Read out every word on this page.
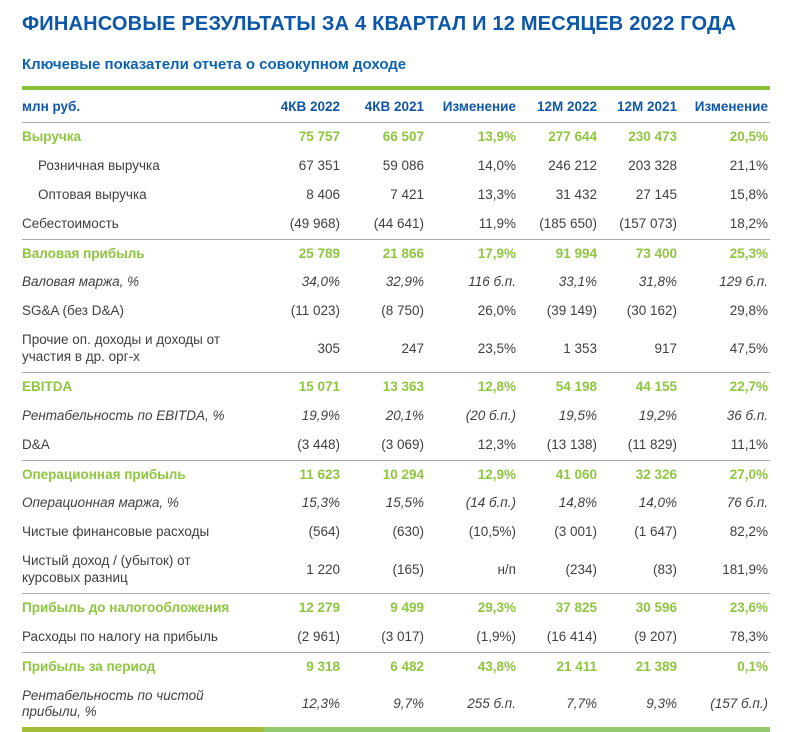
ФИНАНСОВЫЕ РЕЗУЛЬТАТЫ ЗА 4 КВАРТАЛ И 12 МЕСЯЦЕВ 2022 ГОДА
Ключевые показатели отчета о совокупном доходе
млн руб.	4КВ 2022	4КВ 2021	Изменение	12М 2022	12М 2021	Изменение
Выручка	75 757	66 507	13,9%	277 644	230 473	20,5%
Розничная выручка	67 351	59 086	14,0%	246 212	203 328	21,1%
Оптовая выручка	8 406	7 421	13,3%	31 432	27 145	15,8%
Себестоимость	(49 968)	(44 641)	11,9%	(185 650)	(157 073)	18,2%
Валовая прибыль	25 789	21 866	17,9%	91 994	73 400	25,3%
Валовая маржа, %	34,0%	32,9%	116 б.п.	33,1%	31,8%	129 б.п.
SG&A (без D&A)	(11 023)	(8 750)	26,0%	(39 149)	(30 162)	29,8%
Прочие оп. доходы и доходы от участия в др. орг-х	305	247	23,5%	1 353	917	47,5%
EBITDA	15 071	13 363	12,8%	54 198	44 155	22,7%
Рентабельность по EBITDA, %	19,9%	20,1%	(20 б.п.)	19,5%	19,2%	36 б.п.
D&A	(3 448)	(3 069)	12,3%	(13 138)	(11 829)	11,1%
Операционная прибыль	11 623	10 294	12,9%	41 060	32 326	27,0%
Операционная маржа, %	15,3%	15,5%	(14 б.п.)	14,8%	14,0%	76 б.п.
Чистые финансовые расходы	(564)	(630)	(10,5%)	(3 001)	(1 647)	82,2%
Чистый доход / (убыток) от курсовых разниц	1 220	(165)	н/п	(234)	(83)	181,9%
Прибыль до налогообложения	12 279	9 499	29,3%	37 825	30 596	23,6%
Расходы по налогу на прибыль	(2 961)	(3 017)	(1,9%)	(16 414)	(9 207)	78,3%
Прибыль за период	9 318	6 482	43,8%	21 411	21 389	0,1%
Рентабельность по чистой прибыли, %	12,3%	9,7%	255 б.п.	7,7%	9,3%	(157 б.п.)
